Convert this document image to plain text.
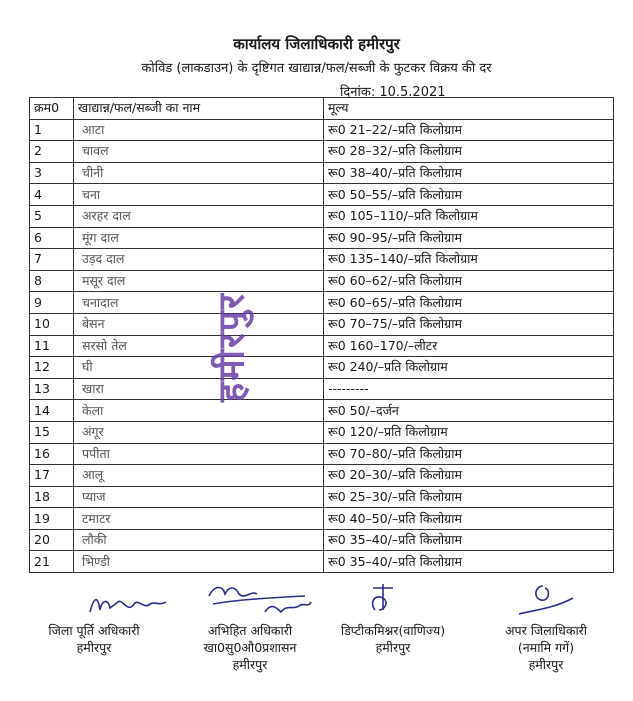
कार्यालय जिलाधिकारी हमीरपुर
कोविड (लाकडाउन) के दृष्टिगत खाद्यान्न/फल/सब्जी के फुटकर विक्रय की दर
दिनांक: 10.5.2021
क्रम0	खाद्यान्न/फल/सब्जी का नाम	मूल्य
1	आटा	रू0 21–22/–प्रति किलोग्राम
2	चावल	रू0 28–32/–प्रति किलोग्राम
3	चीनी	रू0 38–40/–प्रति किलोग्राम
4	चना	रू0 50–55/–प्रति किलोग्राम
5	अरहर दाल	रू0 105–110/–प्रति किलोग्राम
6	मूंग दाल	रू0 90–95/–प्रति किलोग्राम
7	उड़द दाल	रू0 135–140/–प्रति किलोग्राम
8	मसूर दाल	रू0 60–62/–प्रति किलोग्राम
9	चनादाल	रू0 60–65/–प्रति किलोग्राम
10	बेसन	रू0 70–75/–प्रति किलोग्राम
11	सरसो तेल	रू0 160–170/–लीटर
12	घी	रू0 240/–प्रति किलोग्राम
13	खारा	---------
14	केला	रू0 50/–दर्जन
15	अंगूर	रू0 120/–प्रति किलोग्राम
16	पपीता	रू0 70–80/–प्रति किलोग्राम
17	आलू	रू0 20–30/–प्रति किलोग्राम
18	प्याज	रू0 25–30/–प्रति किलोग्राम
19	टमाटर	रू0 40–50/–प्रति किलोग्राम
20	लौकी	रू0 35–40/–प्रति किलोग्राम
21	भिण्डी	रू0 35–40/–प्रति किलोग्राम
हमीरपुर
जिला पूर्ति अधिकारी
हमीरपुर
अभिहित अधिकारी
खा0सु0औ0प्रशासन
हमीरपुर
डिप्टीकमिश्नर(वाणिज्य)
हमीरपुर
अपर जिलाधिकारी
(नमामि गगें)
हमीरपुर
